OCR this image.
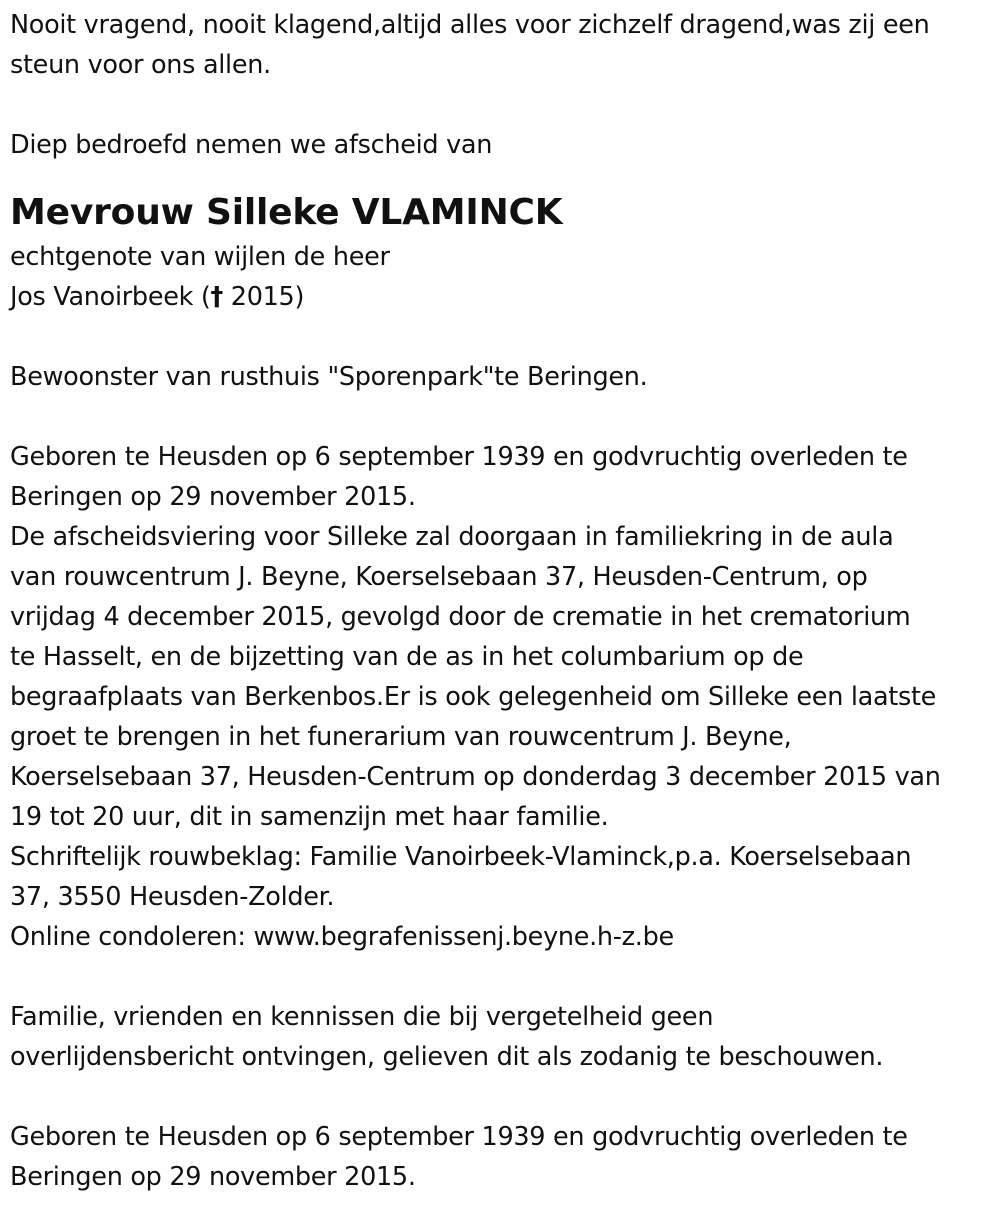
Nooit vragend, nooit klagend,altijd alles voor zichzelf dragend,was zij een

steun voor ons allen.

Diep bedroefd nemen we afscheid van

Mevrouw Silleke VLAMINCK

echtgenote van wijlen de heer

Jos Vanoirbeek († 2015)

Bewoonster van rusthuis "Sporenpark"te Beringen.

Geboren te Heusden op 6 september 1939 en godvruchtig overleden te

Beringen op 29 november 2015.

De afscheidsviering voor Silleke zal doorgaan in familiekring in de aula

van rouwcentrum J. Beyne, Koerselsebaan 37, Heusden-Centrum, op

vrijdag 4 december 2015, gevolgd door de crematie in het crematorium

te Hasselt, en de bijzetting van de as in het columbarium op de

begraafplaats van Berkenbos.Er is ook gelegenheid om Silleke een laatste

groet te brengen in het funerarium van rouwcentrum J. Beyne,

Koerselsebaan 37, Heusden-Centrum op donderdag 3 december 2015 van

19 tot 20 uur, dit in samenzijn met haar familie.

Schriftelijk rouwbeklag: Familie Vanoirbeek-Vlaminck,p.a. Koerselsebaan

37, 3550 Heusden-Zolder.

Online condoleren: www.begrafenissenj.beyne.h-z.be

Familie, vrienden en kennissen die bij vergetelheid geen

overlijdensbericht ontvingen, gelieven dit als zodanig te beschouwen.

Geboren te Heusden op 6 september 1939 en godvruchtig overleden te

Beringen op 29 november 2015.
